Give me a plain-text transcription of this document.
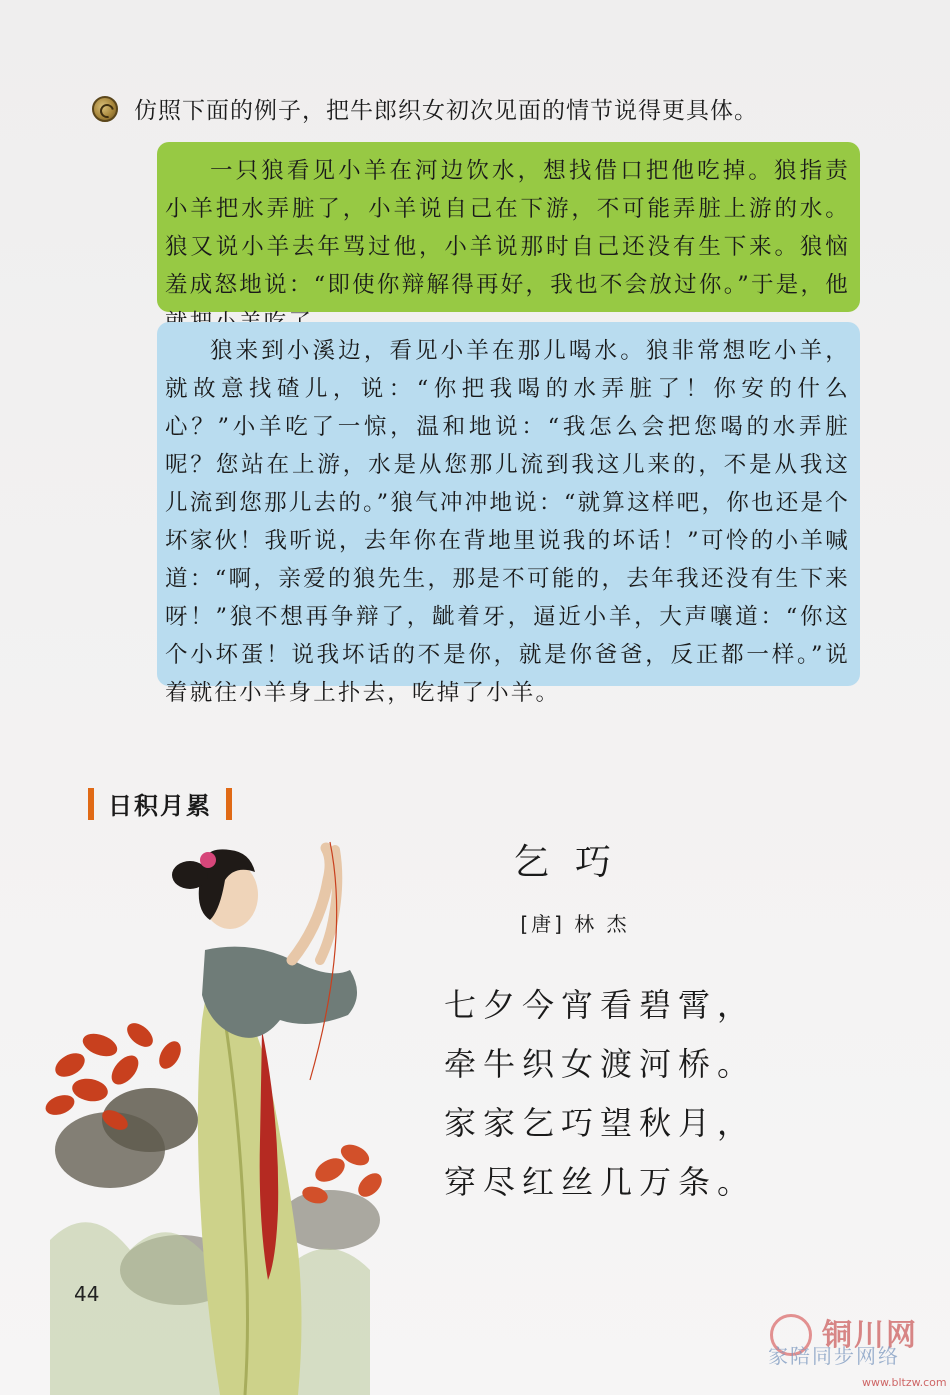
仿照下面的例子，把牛郎织女初次见面的情节说得更具体。

一只狼看见小羊在河边饮水，想找借口把他吃掉。狼指责小羊把水弄脏了，小羊说自己在下游，不可能弄脏上游的水。狼又说小羊去年骂过他，小羊说那时自己还没有生下来。狼恼羞成怒地说：“即使你辩解得再好，我也不会放过你。”于是，他

狼来到小溪边，看见小羊在那儿喝水。狼非常想吃小羊，就故意找碴儿，说：“你把我喝的水弄脏了！你安的什么心？”小羊吃了一惊，温和地说：“我怎么会把您喝的水弄脏呢？您站在上游，水是从您那儿流到我这儿来的，不是从我这儿流到您那儿去的。”狼气冲冲地说：“就算这样吧，你也还是个坏家伙！我听说，去年你在背地里说我的坏话！”可怜的小羊喊道：“啊，亲爱的狼先生，那是不可能的，去年我还没有生下来呀！”狼不想再争辩了，龇着牙，逼近小羊，大声嚷道：“你这个小坏蛋！说我坏话的不是你，就是你爸爸，反正都一样。”说着就往小羊身上扑去，吃掉了小羊。

日积月累
乞巧
[唐] 林 杰
七夕今宵看碧霄，
牵牛织女渡河桥。
家家乞巧望秋月，
穿尽红丝几万条。
44
铜川网
家陪同步网络
www.bltzw.com
